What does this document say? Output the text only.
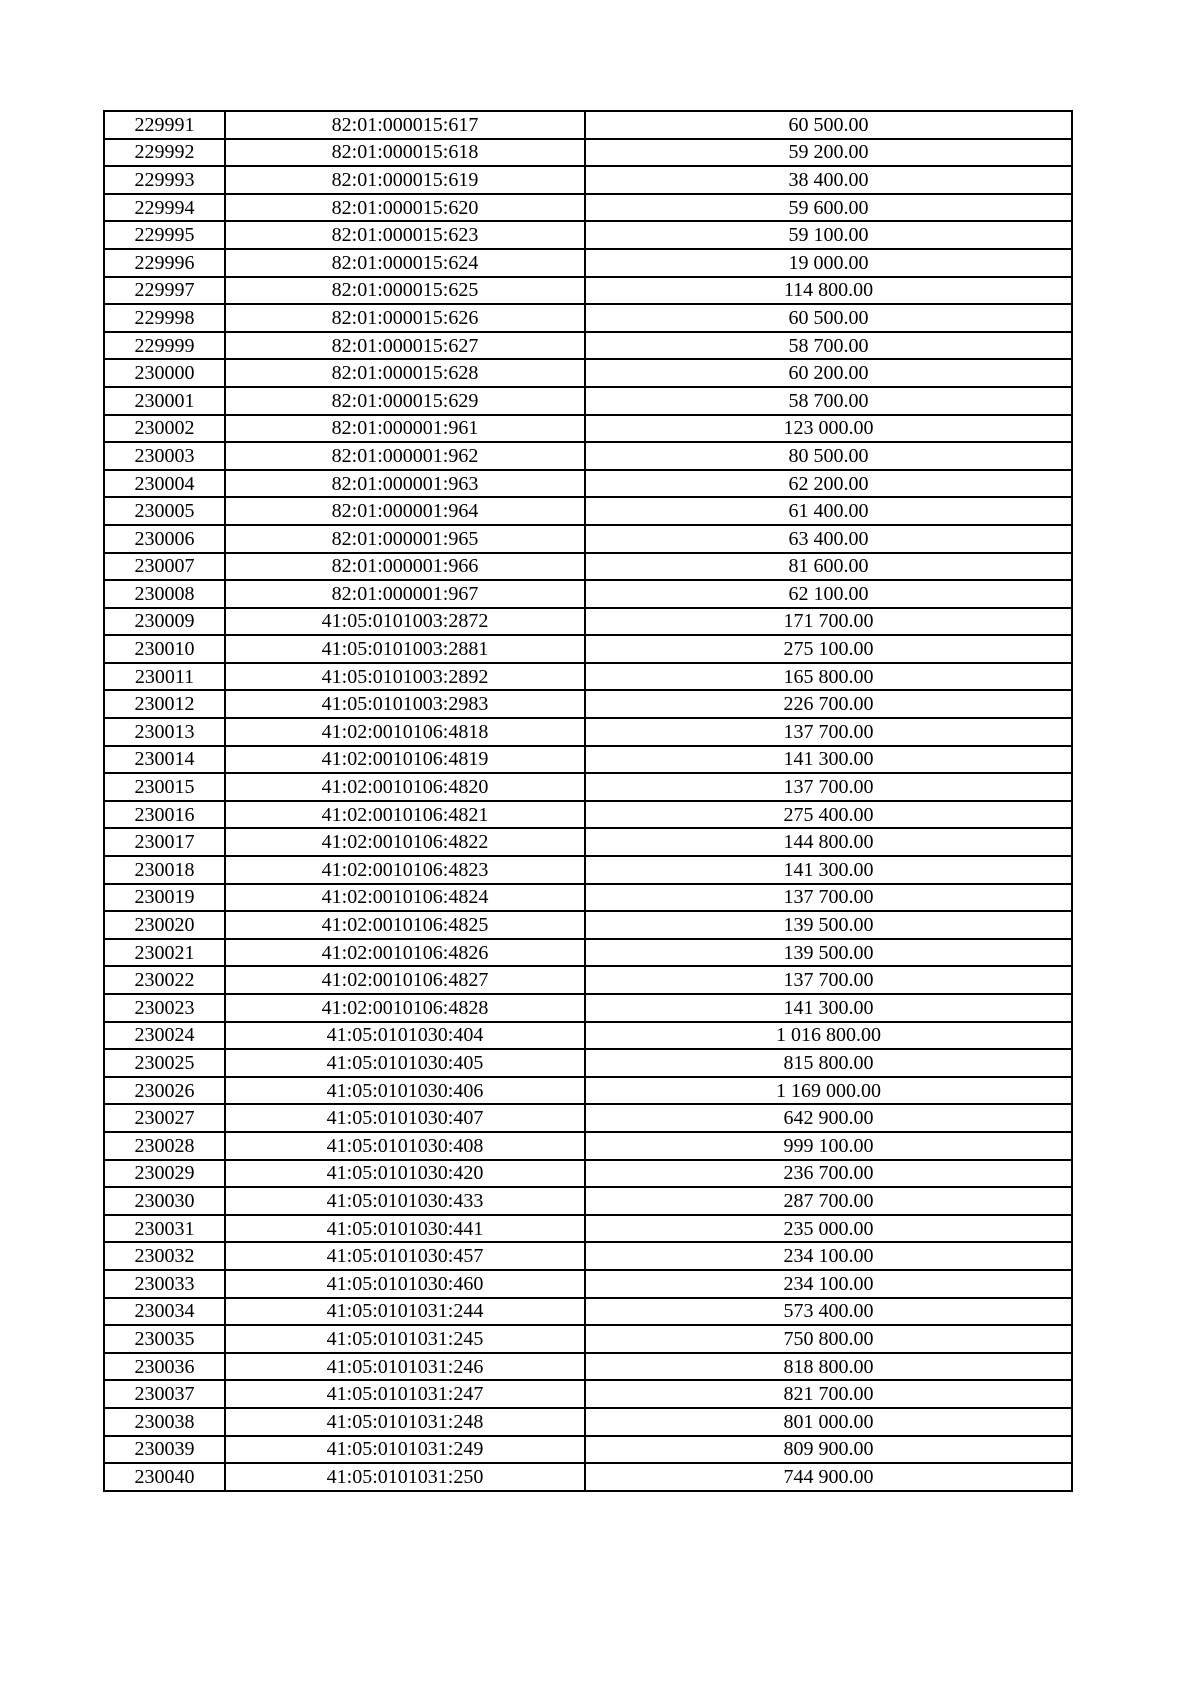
229991	82:01:000015:617	60 500.00
229992	82:01:000015:618	59 200.00
229993	82:01:000015:619	38 400.00
229994	82:01:000015:620	59 600.00
229995	82:01:000015:623	59 100.00
229996	82:01:000015:624	19 000.00
229997	82:01:000015:625	114 800.00
229998	82:01:000015:626	60 500.00
229999	82:01:000015:627	58 700.00
230000	82:01:000015:628	60 200.00
230001	82:01:000015:629	58 700.00
230002	82:01:000001:961	123 000.00
230003	82:01:000001:962	80 500.00
230004	82:01:000001:963	62 200.00
230005	82:01:000001:964	61 400.00
230006	82:01:000001:965	63 400.00
230007	82:01:000001:966	81 600.00
230008	82:01:000001:967	62 100.00
230009	41:05:0101003:2872	171 700.00
230010	41:05:0101003:2881	275 100.00
230011	41:05:0101003:2892	165 800.00
230012	41:05:0101003:2983	226 700.00
230013	41:02:0010106:4818	137 700.00
230014	41:02:0010106:4819	141 300.00
230015	41:02:0010106:4820	137 700.00
230016	41:02:0010106:4821	275 400.00
230017	41:02:0010106:4822	144 800.00
230018	41:02:0010106:4823	141 300.00
230019	41:02:0010106:4824	137 700.00
230020	41:02:0010106:4825	139 500.00
230021	41:02:0010106:4826	139 500.00
230022	41:02:0010106:4827	137 700.00
230023	41:02:0010106:4828	141 300.00
230024	41:05:0101030:404	1 016 800.00
230025	41:05:0101030:405	815 800.00
230026	41:05:0101030:406	1 169 000.00
230027	41:05:0101030:407	642 900.00
230028	41:05:0101030:408	999 100.00
230029	41:05:0101030:420	236 700.00
230030	41:05:0101030:433	287 700.00
230031	41:05:0101030:441	235 000.00
230032	41:05:0101030:457	234 100.00
230033	41:05:0101030:460	234 100.00
230034	41:05:0101031:244	573 400.00
230035	41:05:0101031:245	750 800.00
230036	41:05:0101031:246	818 800.00
230037	41:05:0101031:247	821 700.00
230038	41:05:0101031:248	801 000.00
230039	41:05:0101031:249	809 900.00
230040	41:05:0101031:250	744 900.00
